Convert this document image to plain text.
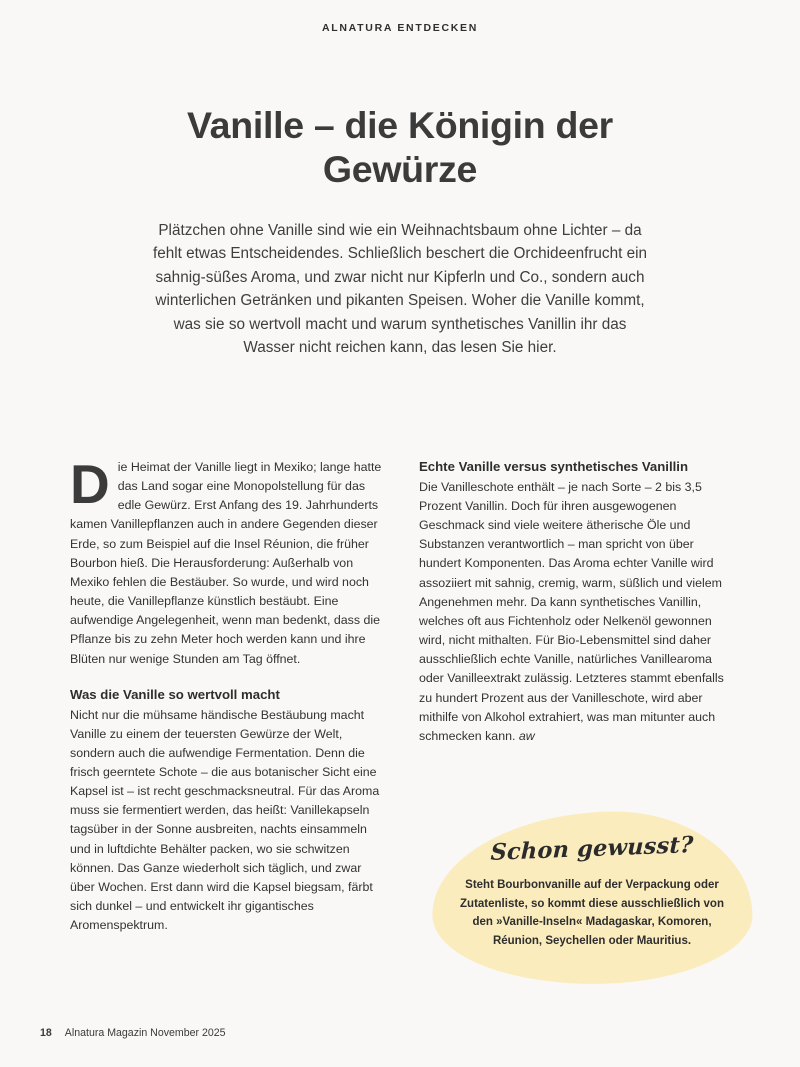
ALNATURA ENTDECKEN
Vanille – die Königin der Gewürze
Plätzchen ohne Vanille sind wie ein Weihnachtsbaum ohne Lichter – da fehlt etwas Entscheidendes. Schließlich beschert die Orchideenfrucht ein sahnig-süßes Aroma, und zwar nicht nur Kipferln und Co., sondern auch winterlichen Getränken und pikanten Speisen. Woher die Vanille kommt, was sie so wertvoll macht und warum synthetisches Vanillin ihr das Wasser nicht reichen kann, das lesen Sie hier.

Die Heimat der Vanille liegt in Mexiko; lange hatte das Land sogar eine Monopolstellung für das edle Gewürz. Erst Anfang des 19. Jahrhunderts kamen Vanillepflanzen auch in andere Gegenden dieser Erde, so zum Beispiel auf die Insel Réunion, die früher Bourbon hieß. Die Herausforderung: Außerhalb von Mexiko fehlen die Bestäuber. So wurde, und wird noch heute, die Vanillepflanze künstlich bestäubt. Eine aufwendige Angelegenheit, wenn man bedenkt, dass die Pflanze bis zu zehn Meter hoch werden kann und ihre Blüten nur wenige Stunden am Tag öffnet.

Was die Vanille so wertvoll macht

Nicht nur die mühsame händische Bestäubung macht Vanille zu einem der teuersten Gewürze der Welt, sondern auch die aufwendige Fermentation. Denn die frisch geerntete Schote – die aus botanischer Sicht eine Kapsel ist – ist recht geschmacksneutral. Für das Aroma muss sie fermentiert werden, das heißt: Vanillekapseln tagsüber in der Sonne ausbreiten, nachts einsammeln und in luftdichte Behälter packen, wo sie schwitzen können. Das Ganze wiederholt sich täglich, und zwar über Wochen. Erst dann wird die Kapsel biegsam, färbt sich dunkel – und entwickelt ihr gigantisches Aromenspektrum.

Echte Vanille versus synthetisches Vanillin

Die Vanilleschote enthält – je nach Sorte – 2 bis 3,5 Prozent Vanillin. Doch für ihren ausgewogenen Geschmack sind viele weitere ätherische Öle und Substanzen verantwortlich – man spricht von über hundert Komponenten. Das Aroma echter Vanille wird assoziiert mit sahnig, cremig, warm, süßlich und vielem Angenehmen mehr. Da kann synthetisches Vanillin, welches oft aus Fichtenholz oder Nelkenöl gewonnen wird, nicht mithalten. Für Bio-Lebensmittel sind daher ausschließlich echte Vanille, natürliches Vanillearoma oder Vanilleextrakt zulässig. Letzteres stammt ebenfalls zu hundert Prozent aus der Vanilleschote, wird aber mithilfe von Alkohol extrahiert, was man mitunter auch schmecken kann. aw

Schon gewusst?
Steht Bourbonvanille auf der Verpackung oder Zutatenliste, so kommt diese ausschließlich von den »Vanille-Inseln« Madagaskar, Komoren, Réunion, Seychellen oder Mauritius.
18 Alnatura Magazin November 2025
